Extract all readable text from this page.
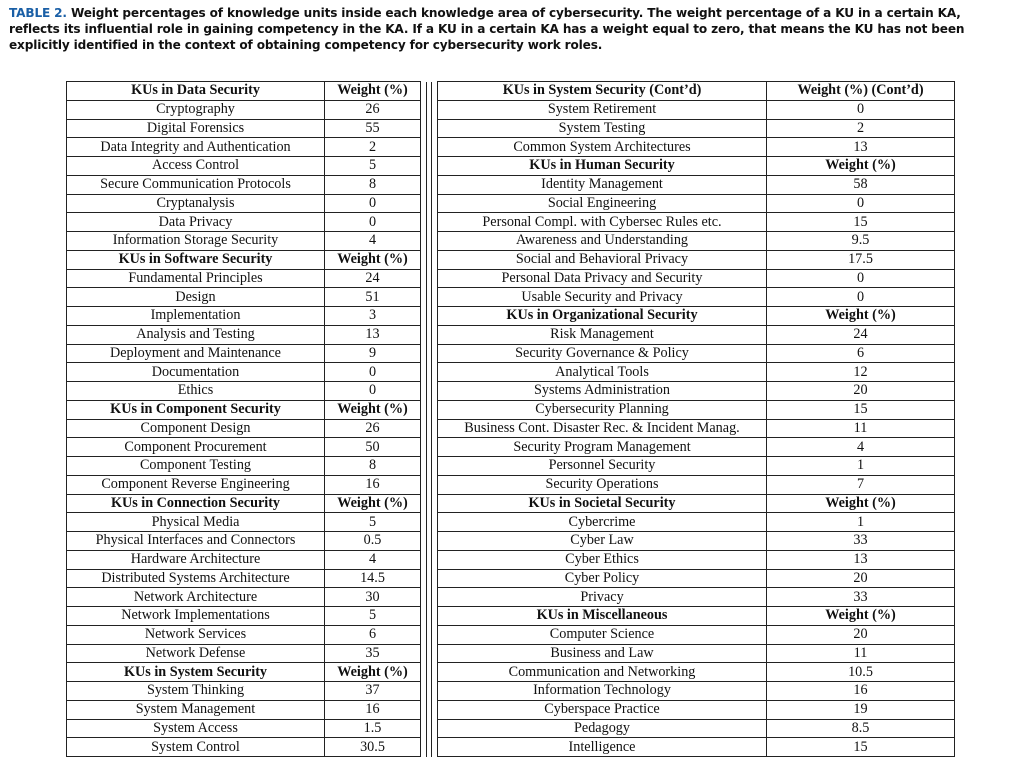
TABLE 2. Weight percentages of knowledge units inside each knowledge area of cybersecurity. The weight percentage of a KU in a certain KA, reflects its influential role in gaining competency in the KA. If a KU in a certain KA has a weight equal to zero, that means the KU has not been explicitly identified in the context of obtaining competency for cybersecurity work roles.
KUs in Data Security	Weight (%)				KUs in System Security (Cont’d)	Weight (%) (Cont’d)
Cryptography	26				System Retirement	0
Digital Forensics	55				System Testing	2
Data Integrity and Authentication	2				Common System Architectures	13
Access Control	5				KUs in Human Security	Weight (%)
Secure Communication Protocols	8				Identity Management	58
Cryptanalysis	0				Social Engineering	0
Data Privacy	0				Personal Compl. with Cybersec Rules etc.	15
Information Storage Security	4				Awareness and Understanding	9.5
KUs in Software Security	Weight (%)				Social and Behavioral Privacy	17.5
Fundamental Principles	24				Personal Data Privacy and Security	0
Design	51				Usable Security and Privacy	0
Implementation	3				KUs in Organizational Security	Weight (%)
Analysis and Testing	13				Risk Management	24
Deployment and Maintenance	9				Security Governance & Policy	6
Documentation	0				Analytical Tools	12
Ethics	0				Systems Administration	20
KUs in Component Security	Weight (%)				Cybersecurity Planning	15
Component Design	26				Business Cont. Disaster Rec. & Incident Manag.	11
Component Procurement	50				Security Program Management	4
Component Testing	8				Personnel Security	1
Component Reverse Engineering	16				Security Operations	7
KUs in Connection Security	Weight (%)				KUs in Societal Security	Weight (%)
Physical Media	5				Cybercrime	1
Physical Interfaces and Connectors	0.5				Cyber Law	33
Hardware Architecture	4				Cyber Ethics	13
Distributed Systems Architecture	14.5				Cyber Policy	20
Network Architecture	30				Privacy	33
Network Implementations	5				KUs in Miscellaneous	Weight (%)
Network Services	6				Computer Science	20
Network Defense	35				Business and Law	11
KUs in System Security	Weight (%)				Communication and Networking	10.5
System Thinking	37				Information Technology	16
System Management	16				Cyberspace Practice	19
System Access	1.5				Pedagogy	8.5
System Control	30.5				Intelligence	15
